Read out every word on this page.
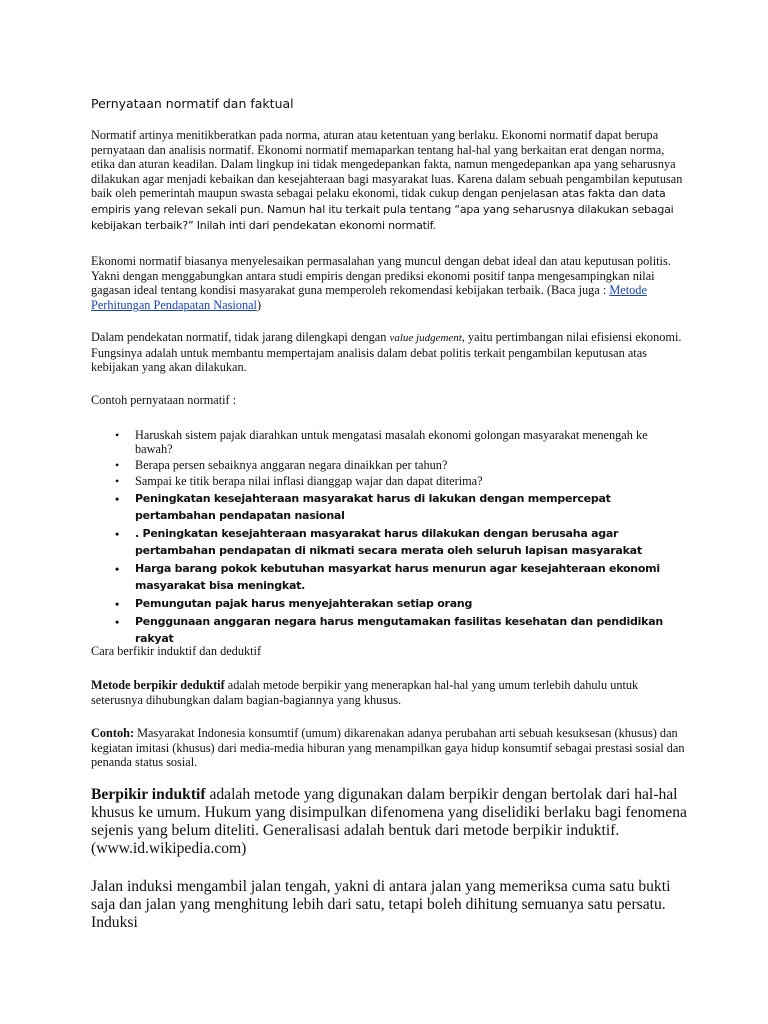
Pernyataan normatif dan faktual

Normatif artinya menitikberatkan pada norma, aturan atau ketentuan yang berlaku. Ekonomi normatif dapat berupa pernyataan dan analisis normatif. Ekonomi normatif memaparkan tentang hal-hal yang berkaitan erat dengan norma, etika dan aturan keadilan. Dalam lingkup ini tidak mengedepankan fakta, namun mengedepankan apa yang seharusnya dilakukan agar menjadi kebaikan dan kesejahteraan bagi masyarakat luas. Karena dalam sebuah pengambilan keputusan baik oleh pemerintah maupun swasta sebagai pelaku ekonomi, tidak cukup dengan penjelasan atas fakta dan data empiris yang relevan sekali pun. Namun hal itu terkait pula tentang “apa yang seharusnya dilakukan sebagai kebijakan terbaik?” Inilah inti dari pendekatan ekonomi normatif.

Ekonomi normatif biasanya menyelesaikan permasalahan yang muncul dengan debat ideal dan atau keputusan politis. Yakni dengan menggabungkan antara studi empiris dengan prediksi ekonomi positif tanpa mengesampingkan nilai gagasan ideal tentang kondisi masyarakat guna memperoleh rekomendasi kebijakan terbaik. (Baca juga : Metode Perhitungan Pendapatan Nasional)

Dalam pendekatan normatif, tidak jarang dilengkapi dengan value judgement, yaitu pertimbangan nilai efisiensi ekonomi. Fungsinya adalah untuk membantu mempertajam analisis dalam debat politis terkait pengambilan keputusan atas kebijakan yang akan dilakukan.

Contoh pernyataan normatif :
• Haruskah sistem pajak diarahkan untuk mengatasi masalah ekonomi golongan masyarakat menengah ke bawah?
• Berapa persen sebaiknya anggaran negara dinaikkan per tahun?
• Sampai ke titik berapa nilai inflasi dianggap wajar dan dapat diterima?
• Peningkatan kesejahteraan masyarakat harus di lakukan dengan mempercepat pertambahan pendapatan nasional
• . Peningkatan kesejahteraan masyarakat harus dilakukan dengan berusaha agar pertambahan pendapatan di nikmati secara merata oleh seluruh lapisan masyarakat
• Harga barang pokok kebutuhan masyarkat harus menurun agar kesejahteraan ekonomi masyarakat bisa meningkat.
• Pemungutan pajak harus menyejahterakan setiap orang
• Penggunaan anggaran negara harus mengutamakan fasilitas kesehatan dan pendidikan rakyat
Cara berfikir induktif dan deduktif

Metode berpikir deduktif adalah metode berpikir yang menerapkan hal-hal yang umum terlebih dahulu untuk seterusnya dihubungkan dalam bagian-bagiannya yang khusus.

Contoh: Masyarakat Indonesia konsumtif (umum) dikarenakan adanya perubahan arti sebuah kesuksesan (khusus) dan kegiatan imitasi (khusus) dari media-media hiburan yang menampilkan gaya hidup konsumtif sebagai prestasi sosial dan penanda status sosial.

Berpikir induktif adalah metode yang digunakan dalam berpikir dengan bertolak dari hal-hal khusus ke umum. Hukum yang disimpulkan difenomena yang diselidiki berlaku bagi fenomena sejenis yang belum diteliti. Generalisasi adalah bentuk dari metode berpikir induktif. (www.id.wikipedia.com)

Jalan induksi mengambil jalan tengah, yakni di antara jalan yang memeriksa cuma satu bukti saja dan jalan yang menghitung lebih dari satu, tetapi boleh dihitung semuanya satu persatu. Induksi
